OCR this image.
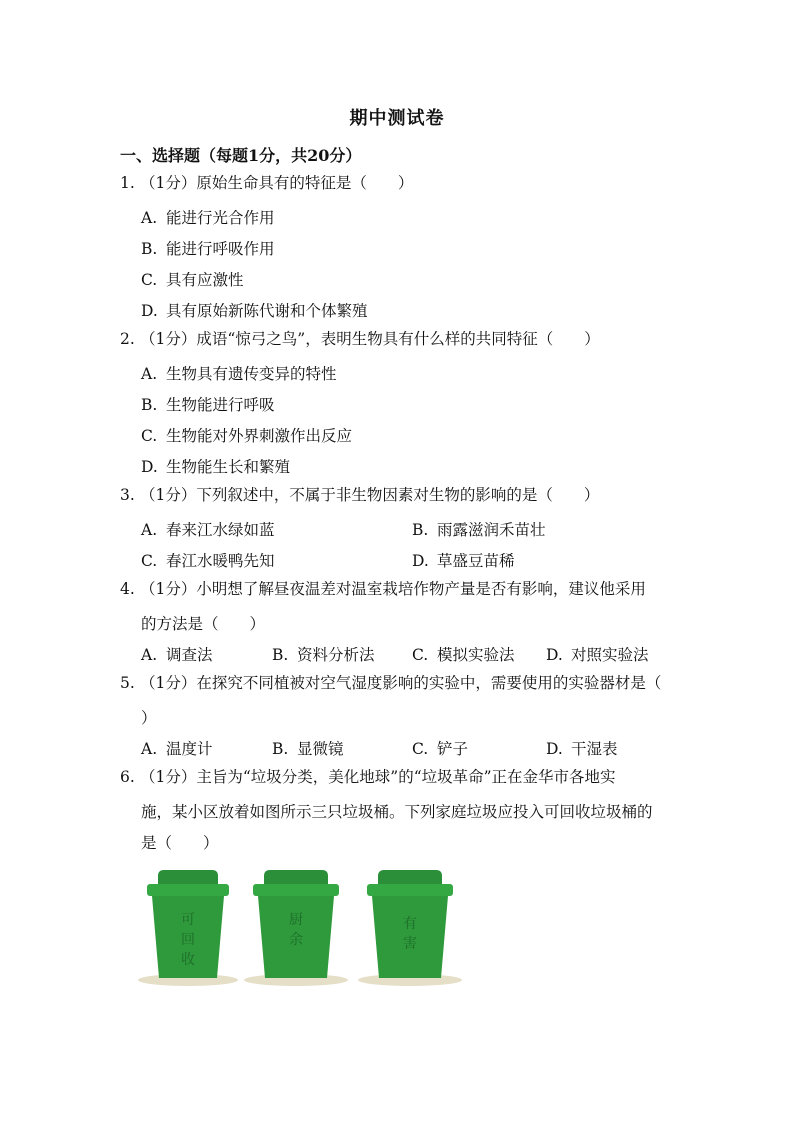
期中测试卷
一、选择题（每题1分，共20分）
1. （1分）原始生命具有的特征是（　　）
A. 能进行光合作用
B. 能进行呼吸作用
C. 具有应激性
D. 具有原始新陈代谢和个体繁殖
2. （1分）成语“惊弓之鸟”，表明生物具有什么样的共同特征（　　）
A. 生物具有遗传变异的特性
B. 生物能进行呼吸
C. 生物能对外界刺激作出反应
D. 生物能生长和繁殖
3. （1分）下列叙述中，不属于非生物因素对生物的影响的是（　　）
A. 春来江水绿如蓝	B. 雨露滋润禾苗壮
C. 春江水暖鸭先知	D. 草盛豆苗稀
4. （1分）小明想了解昼夜温差对温室栽培作物产量是否有影响，建议他采用
的方法是（　　）
A. 调查法	B. 资料分析法 C. 模拟实验法 D. 对照实验法
5. （1分）在探究不同植被对空气湿度影响的实验中，需要使用的实验器材是（
）
A. 温度计	B. 显微镜	C. 铲子	D. 干湿表
6. （1分）主旨为“垃圾分类，美化地球”的“垃圾革命”正在金华市各地实
施，某小区放着如图所示三只垃圾桶。下列家庭垃圾应投入可回收垃圾桶的
是（　　）
可
回
收
厨
余
有
害
